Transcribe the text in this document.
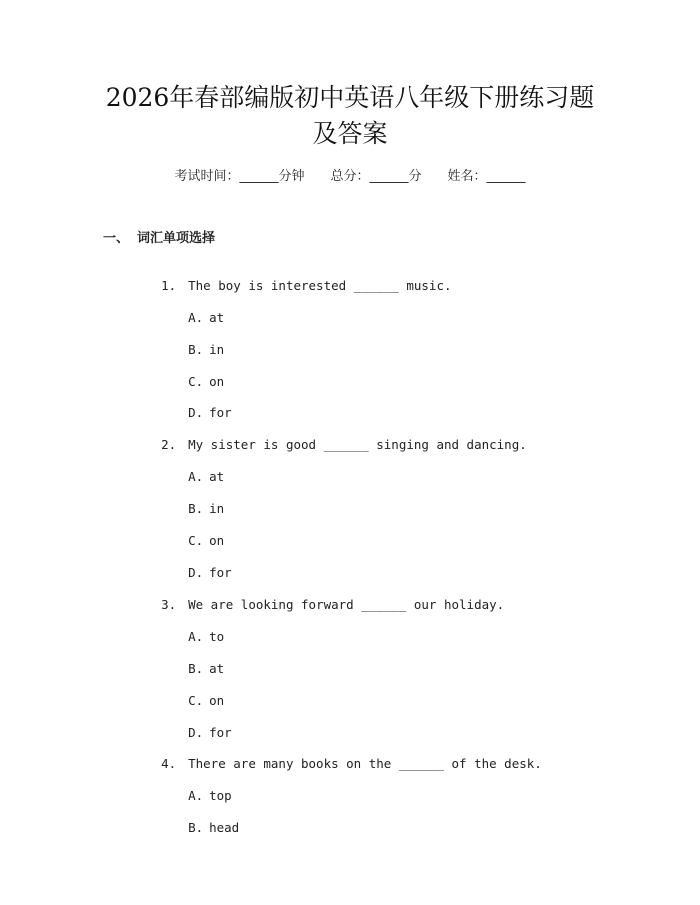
2026年春部编版初中英语八年级下册练习题
及答案
考试时间：______分钟 总分：______分 姓名：______
一、 词汇单项选择

1. The boy is interested ______ music.

A. at

B. in

C. on

D. for

2. My sister is good ______ singing and dancing.

A. at

B. in

C. on

D. for

3. We are looking forward ______ our holiday.

A. to

B. at

C. on

D. for

4. There are many books on the ______ of the desk.

A. top

B. head
